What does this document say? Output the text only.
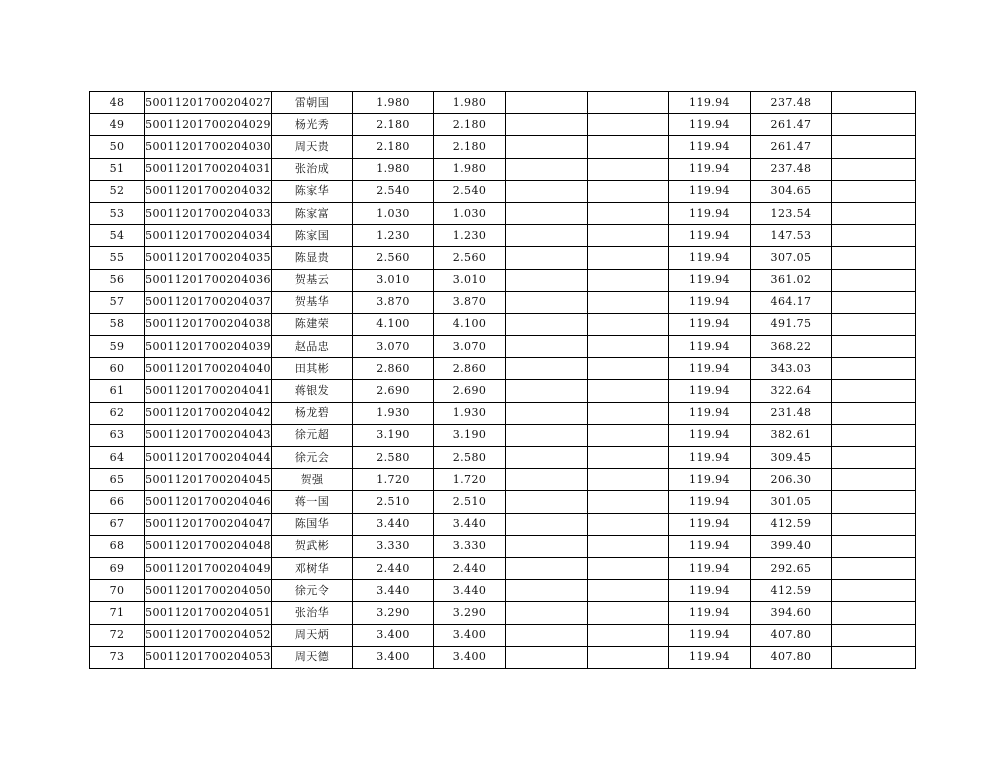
48	50011201700204027	雷朝国	1.980	1.980			119.94	237.48	
49	50011201700204029	杨光秀	2.180	2.180			119.94	261.47	
50	50011201700204030	周天贵	2.180	2.180			119.94	261.47	
51	50011201700204031	张治成	1.980	1.980			119.94	237.48	
52	50011201700204032	陈家华	2.540	2.540			119.94	304.65	
53	50011201700204033	陈家富	1.030	1.030			119.94	123.54	
54	50011201700204034	陈家国	1.230	1.230			119.94	147.53	
55	50011201700204035	陈显贵	2.560	2.560			119.94	307.05	
56	50011201700204036	贺基云	3.010	3.010			119.94	361.02	
57	50011201700204037	贺基华	3.870	3.870			119.94	464.17	
58	50011201700204038	陈建荣	4.100	4.100			119.94	491.75	
59	50011201700204039	赵品忠	3.070	3.070			119.94	368.22	
60	50011201700204040	田其彬	2.860	2.860			119.94	343.03	
61	50011201700204041	蒋银发	2.690	2.690			119.94	322.64	
62	50011201700204042	杨龙碧	1.930	1.930			119.94	231.48	
63	50011201700204043	徐元超	3.190	3.190			119.94	382.61	
64	50011201700204044	徐元会	2.580	2.580			119.94	309.45	
65	50011201700204045	贺强	1.720	1.720			119.94	206.30	
66	50011201700204046	蒋一国	2.510	2.510			119.94	301.05	
67	50011201700204047	陈国华	3.440	3.440			119.94	412.59	
68	50011201700204048	贺武彬	3.330	3.330			119.94	399.40	
69	50011201700204049	邓树华	2.440	2.440			119.94	292.65	
70	50011201700204050	徐元令	3.440	3.440			119.94	412.59	
71	50011201700204051	张治华	3.290	3.290			119.94	394.60	
72	50011201700204052	周天炳	3.400	3.400			119.94	407.80	
73	50011201700204053	周天德	3.400	3.400			119.94	407.80	
